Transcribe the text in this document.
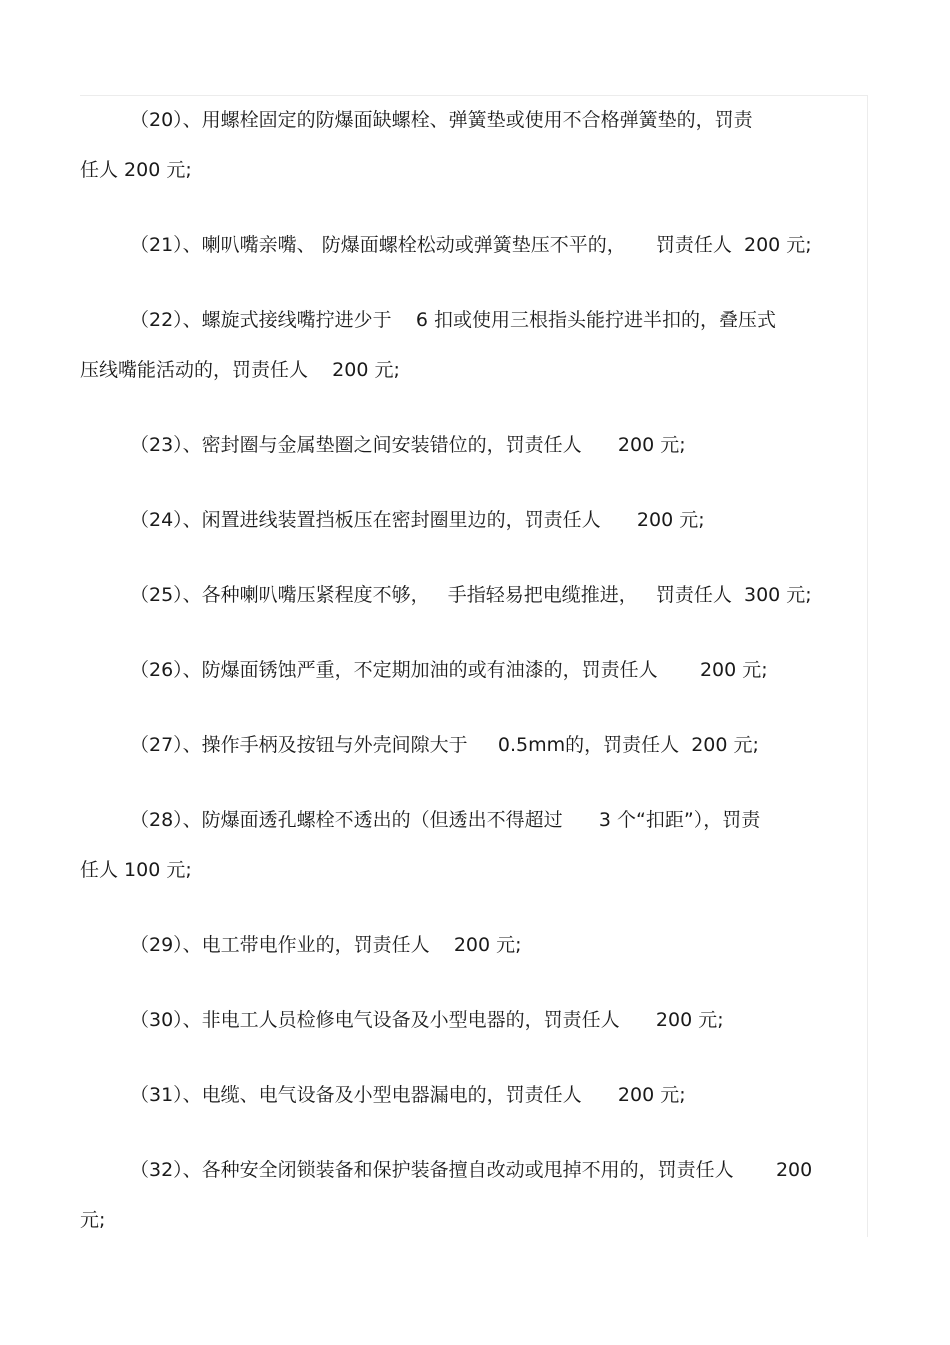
（20）、用螺栓固定的防爆面缺螺栓、弹簧垫或使用不合格弹簧垫的，罚责
任人 200 元;

（21）、喇叭嘴亲嘴、 防爆面螺栓松动或弹簧垫压不平的，     罚责任人  200 元;

（22）、螺旋式接线嘴拧进少于    6 扣或使用三根指头能拧进半扣的，叠压式
压线嘴能活动的，罚责任人    200 元;

（23）、密封圈与金属垫圈之间安装错位的，罚责任人      200 元;

（24）、闲置进线装置挡板压在密封圈里边的，罚责任人      200 元;

（25）、各种喇叭嘴压紧程度不够，   手指轻易把电缆推进，   罚责任人  300 元;

（26）、防爆面锈蚀严重，不定期加油的或有油漆的，罚责任人       200 元;

（27）、操作手柄及按钮与外壳间隙大于     0.5mm的，罚责任人  200 元;

（28）、防爆面透孔螺栓不透出的（但透出不得超过      3 个“扣距”），罚责
任人 100 元;

（29）、电工带电作业的，罚责任人    200 元;

（30）、非电工人员检修电气设备及小型电器的，罚责任人      200 元;

（31）、电缆、电气设备及小型电器漏电的，罚责任人      200 元;

（32）、各种安全闭锁装备和保护装备擅自改动或甩掉不用的，罚责任人       200
元;
